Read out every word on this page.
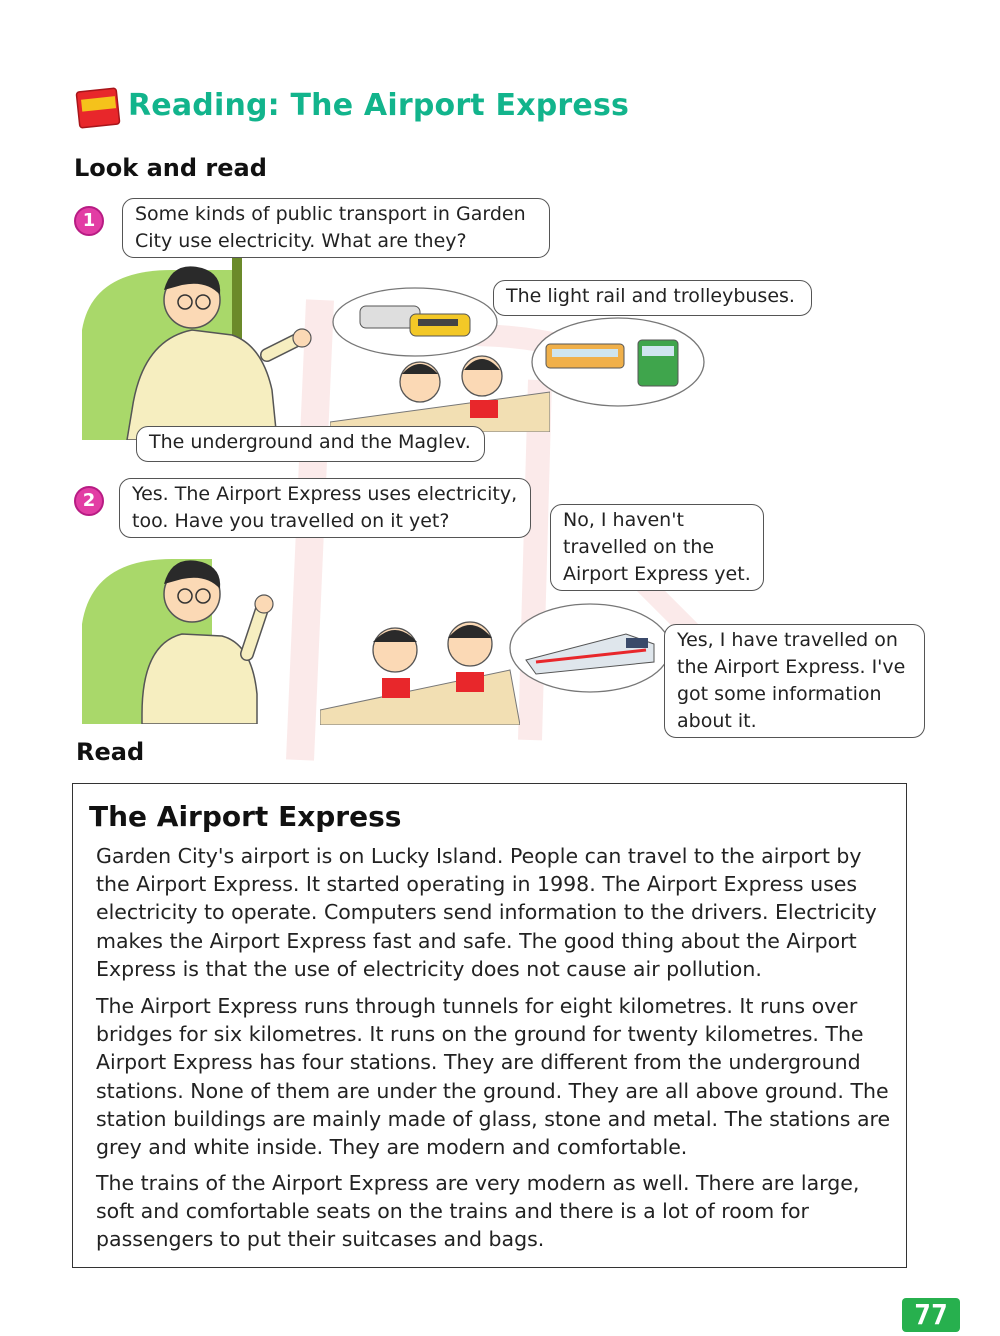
Reading: The Airport Express
Look and read
1	Some kinds of public transport in Garden City use electricity. What are they?
The light rail and trolleybuses.
The underground and the Maglev.
2	Yes. The Airport Express uses electricity, too. Have you travelled on it yet?	No, I haven't travelled on the Airport Express yet.
Yes, I have travelled on the Airport Express. I've got some information about it.
Read
The Airport Express

Garden City's airport is on Lucky Island. People can travel to the airport by the Airport Express. It started operating in 1998. The Airport Express uses electricity to operate. Computers send information to the drivers. Electricity makes the Airport Express fast and safe. The good thing about the Airport Express is that the use of electricity does not cause air pollution.

The Airport Express runs through tunnels for eight kilometres. It runs over bridges for six kilometres. It runs on the ground for twenty kilometres. The Airport Express has four stations. They are different from the underground stations. None of them are under the ground. They are all above ground. The station buildings are mainly made of glass, stone and metal. The stations are grey and white inside. They are modern and comfortable.

The trains of the Airport Express are very modern as well. There are large, soft and comfortable seats on the trains and there is a lot of room for passengers to put their suitcases and bags.

77
